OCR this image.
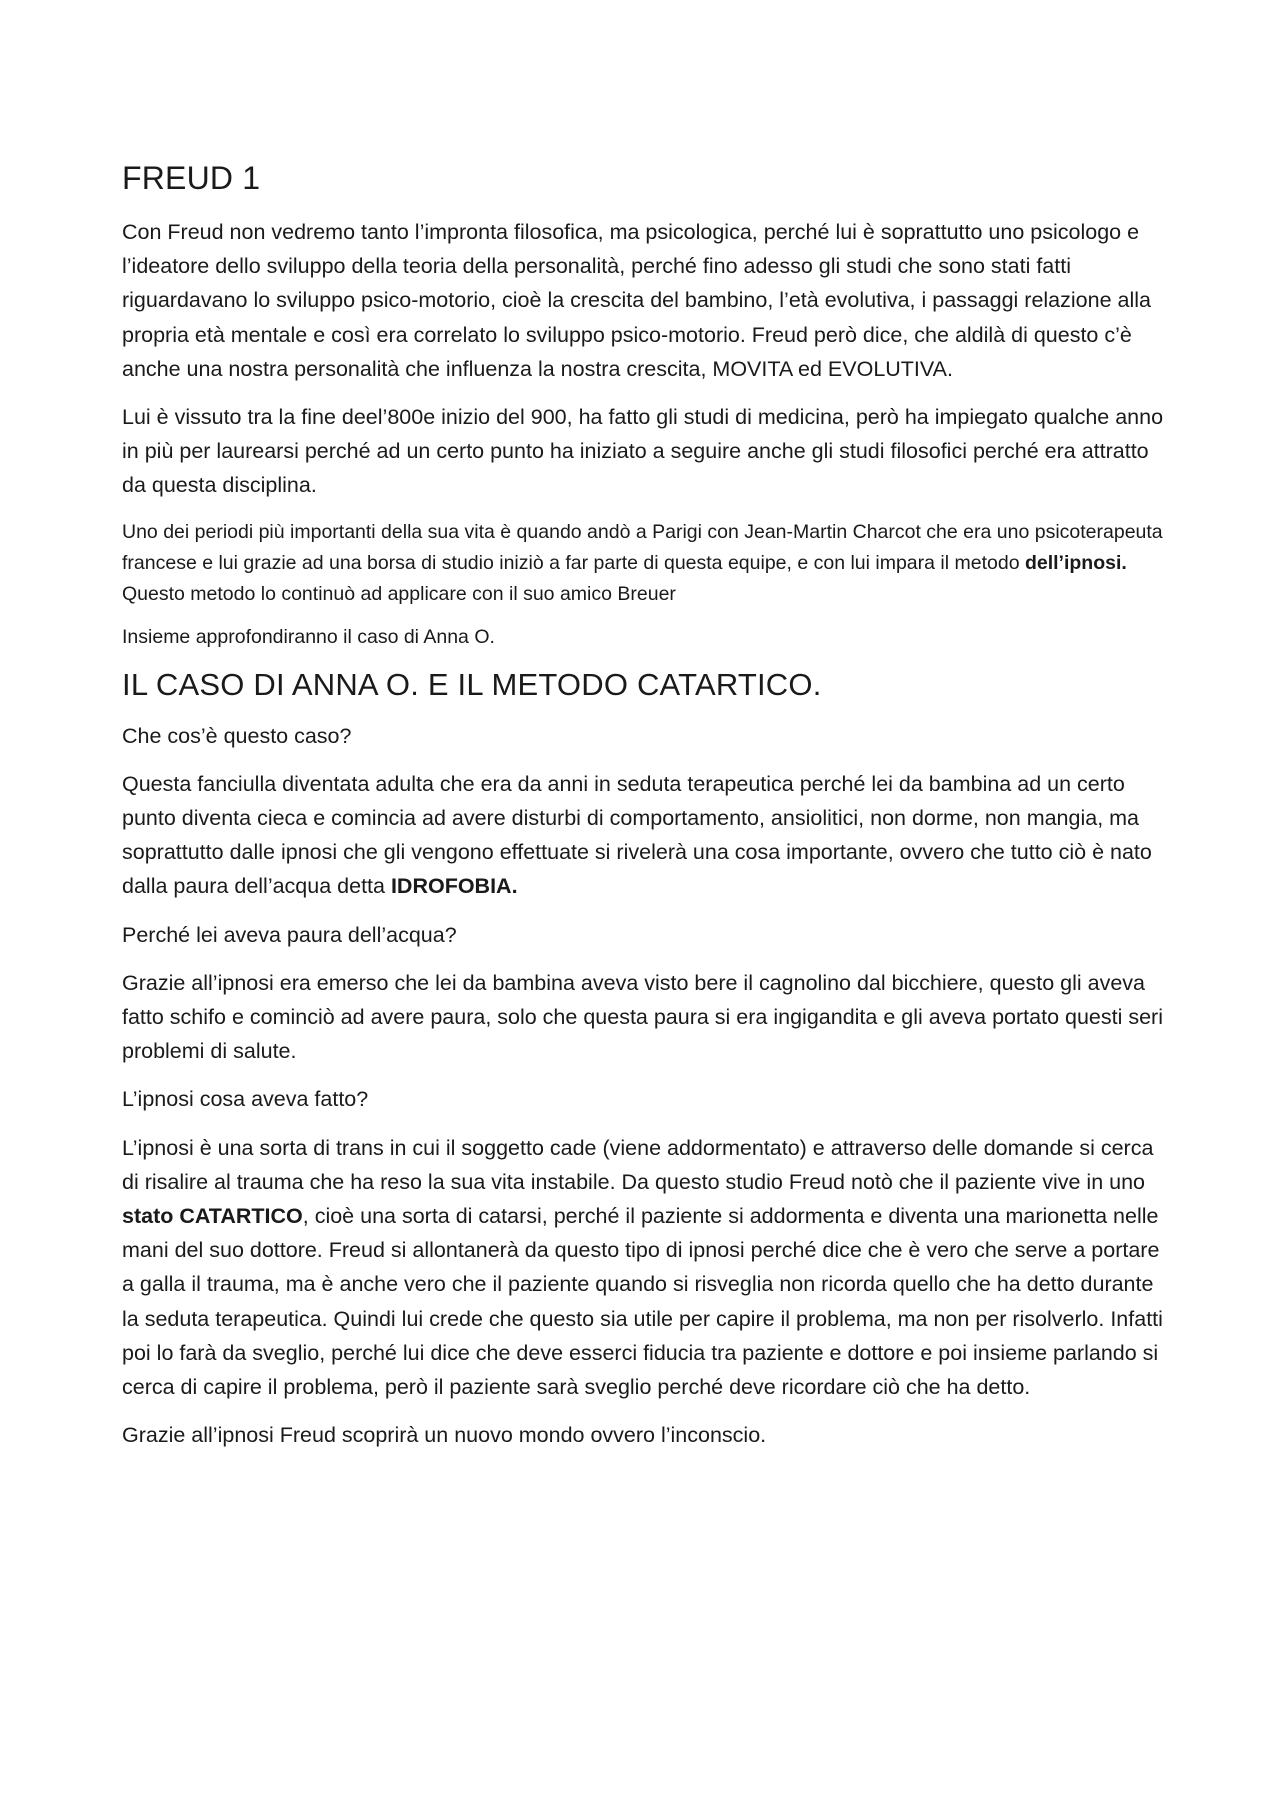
FREUD 1

Con Freud non vedremo tanto l’impronta filosofica, ma psicologica, perché lui è soprattutto uno psicologo e l’ideatore dello sviluppo della teoria della personalità, perché fino adesso gli studi che sono stati fatti riguardavano lo sviluppo psico-motorio, cioè la crescita del bambino, l’età evolutiva, i passaggi relazione alla propria età mentale e così era correlato lo sviluppo psico-motorio. Freud però dice, che aldilà di questo c’è anche una nostra personalità che influenza la nostra crescita, MOVITA ed EVOLUTIVA.

Lui è vissuto tra la fine deel’800e inizio del 900, ha fatto gli studi di medicina, però ha impiegato qualche anno in più per laurearsi perché ad un certo punto ha iniziato a seguire anche gli studi filosofici perché era attratto da questa disciplina.

Uno dei periodi più importanti della sua vita è quando andò a Parigi con Jean-Martin Charcot che era uno psicoterapeuta francese e lui grazie ad una borsa di studio iniziò a far parte di questa equipe, e con lui impara il metodo dell’ipnosi. Questo metodo lo continuò ad applicare con il suo amico Breuer

Insieme approfondiranno il caso di Anna O.

IL CASO DI ANNA O. E IL METODO CATARTICO.

Che cos’è questo caso?

Questa fanciulla diventata adulta che era da anni in seduta terapeutica perché lei da bambina ad un certo punto diventa cieca e comincia ad avere disturbi di comportamento, ansiolitici, non dorme, non mangia, ma soprattutto dalle ipnosi che gli vengono effettuate si rivelerà una cosa importante, ovvero che tutto ciò è nato dalla paura dell’acqua detta IDROFOBIA.

Perché lei aveva paura dell’acqua?

Grazie all’ipnosi era emerso che lei da bambina aveva visto bere il cagnolino dal bicchiere, questo gli aveva fatto schifo e cominciò ad avere paura, solo che questa paura si era ingigandita e gli aveva portato questi seri problemi di salute.

L’ipnosi cosa aveva fatto?

L’ipnosi è una sorta di trans in cui il soggetto cade (viene addormentato) e attraverso delle domande si cerca di risalire al trauma che ha reso la sua vita instabile. Da questo studio Freud notò che il paziente vive in uno stato CATARTICO, cioè una sorta di catarsi, perché il paziente si addormenta e diventa una marionetta nelle mani del suo dottore. Freud si allontanerà da questo tipo di ipnosi perché dice che è vero che serve a portare a galla il trauma, ma è anche vero che il paziente quando si risveglia non ricorda quello che ha detto durante la seduta terapeutica. Quindi lui crede che questo sia utile per capire il problema, ma non per risolverlo. Infatti poi lo farà da sveglio, perché lui dice che deve esserci fiducia tra paziente e dottore e poi insieme parlando si cerca di capire il problema, però il paziente sarà sveglio perché deve ricordare ciò che ha detto.

Grazie all’ipnosi Freud scoprirà un nuovo mondo ovvero l’inconscio.
